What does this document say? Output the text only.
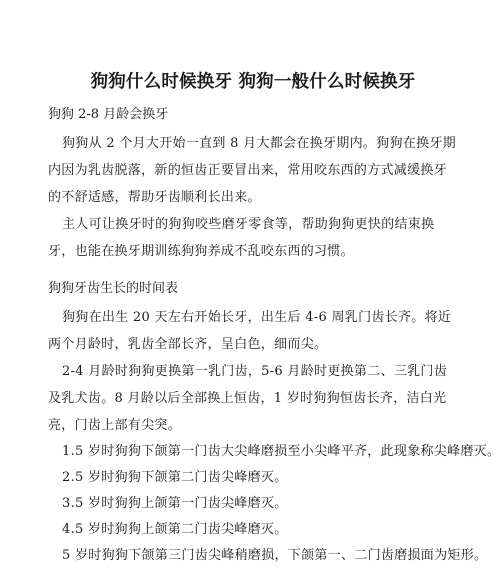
狗狗什么时候换牙 狗狗一般什么时候换牙
狗狗 2-8 月龄会换牙

狗狗从 2 个月大开始一直到 8 月大都会在换牙期内。狗狗在换牙期内因为乳齿脱落，新的恒齿正要冒出来，常用咬东西的方式减缓换牙的不舒适感，帮助牙齿顺利长出来。

主人可让换牙时的狗狗咬些磨牙零食等，帮助狗狗更快的结束换牙，也能在换牙期训练狗狗养成不乱咬东西的习惯。

狗狗牙齿生长的时间表

狗狗在出生 20 天左右开始长牙，出生后 4-6 周乳门齿长齐。将近两个月龄时，乳齿全部长齐，呈白色，细而尖。

2-4 月龄时狗狗更换第一乳门齿，5-6 月龄时更换第二、三乳门齿及乳犬齿。8 月龄以后全部换上恒齿，1 岁时狗狗恒齿长齐，洁白光亮，门齿上部有尖突。

1.5 岁时狗狗下颌第一门齿大尖峰磨损至小尖峰平齐，此现象称尖峰磨灭。

2.5 岁时狗狗下颌第二门齿尖峰磨灭。

3.5 岁时狗狗上颌第一门齿尖峰磨灭。

4.5 岁时狗狗上颌第二门齿尖峰磨灭。

5 岁时狗狗下颌第三门齿尖峰稍磨损，下颌第一、二门齿磨损面为矩形。
